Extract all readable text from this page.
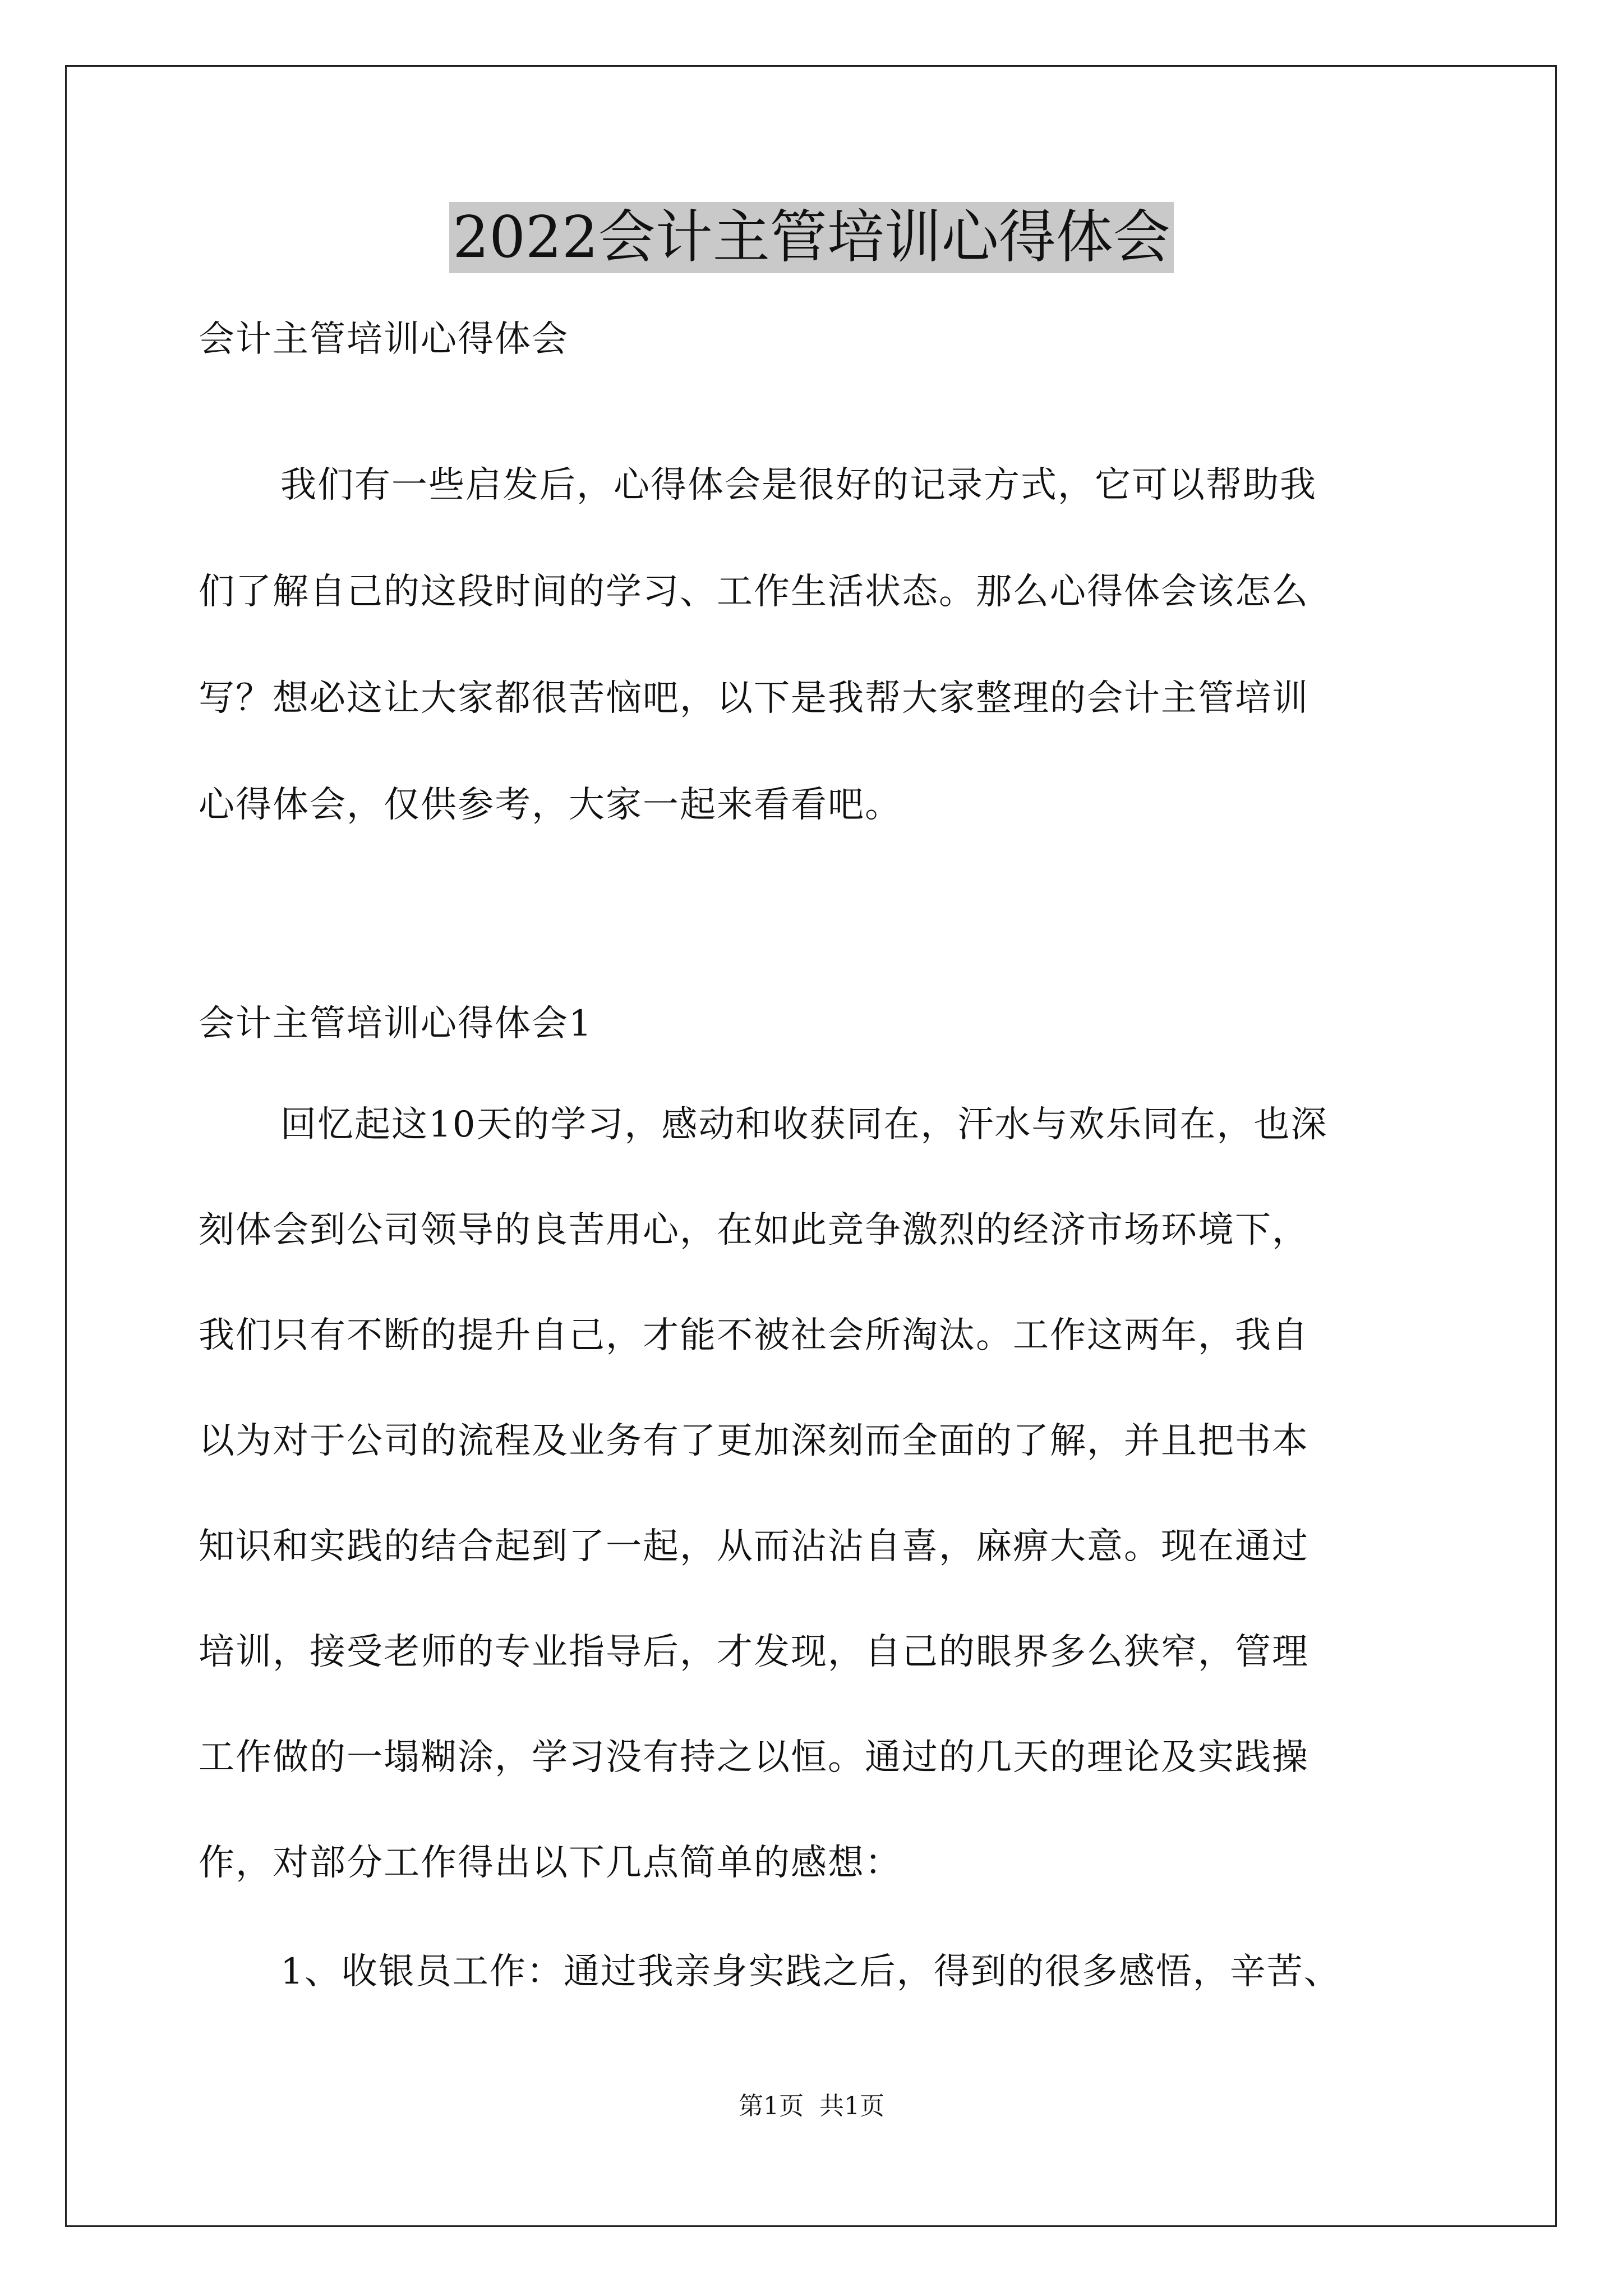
2022会计主管培训心得体会
会计主管培训心得体会
我们有一些启发后，心得体会是很好的记录方式，它可以帮助我
们了解自己的这段时间的学习、工作生活状态。那么心得体会该怎么
写？想必这让大家都很苦恼吧，以下是我帮大家整理的会计主管培训
心得体会，仅供参考，大家一起来看看吧。
会计主管培训心得体会1
回忆起这10天的学习，感动和收获同在，汗水与欢乐同在，也深
刻体会到公司领导的良苦用心，在如此竞争激烈的经济市场环境下，
我们只有不断的提升自己，才能不被社会所淘汰。工作这两年，我自
以为对于公司的流程及业务有了更加深刻而全面的了解，并且把书本
知识和实践的结合起到了一起，从而沾沾自喜，麻痹大意。现在通过
培训，接受老师的专业指导后，才发现，自己的眼界多么狭窄，管理
工作做的一塌糊涂，学习没有持之以恒。通过的几天的理论及实践操
作，对部分工作得出以下几点简单的感想：
1、收银员工作：通过我亲身实践之后，得到的很多感悟，辛苦、
第1页  共1页
